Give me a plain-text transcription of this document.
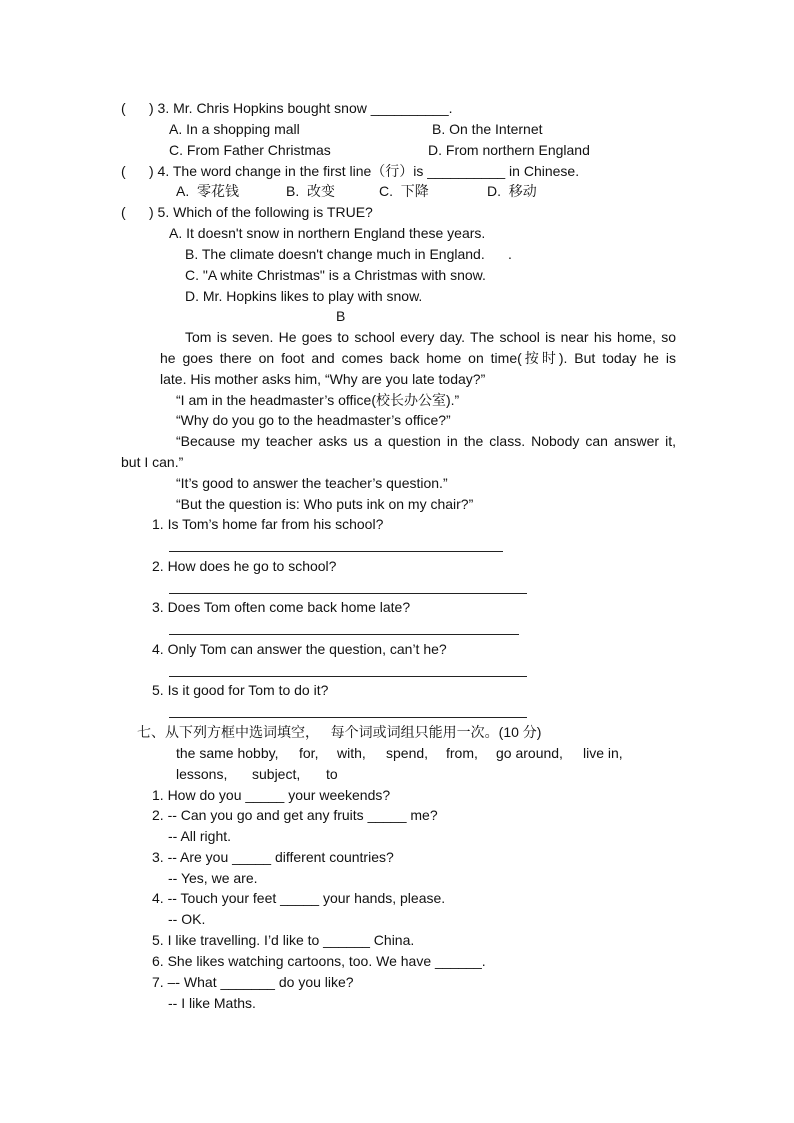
(      ) 3. Mr. Chris Hopkins bought snow __________.
A. In a shopping mall	B. On the Internet
C. From Father Christmas	D. From northern England
(      ) 4. The word change in the first line（行）is __________ in Chinese.
A.  零花钱	B.  改变	C.  下降	D.  移动
(      ) 5. Which of the following is TRUE?
A. It doesn't snow in northern England these years.
B. The climate doesn't change much in England.      .
C. "A white Christmas" is a Christmas with snow.
D. Mr. Hopkins likes to play with snow.
B
Tom is seven. He goes to school every day. The school is near his home, so
he goes there on foot and comes back home on time(按时). But today he is
late. His mother asks him, “Why are you late today?”
“I am in the headmaster’s office(校长办公室).”
“Why do you go to the headmaster’s office?”
“Because my teacher asks us a question in the class. Nobody can answer it,
but I can.”
“It’s good to answer the teacher’s question.”
“But the question is: Who puts ink on my chair?”
1. Is Tom’s home far from his school?
2. How does he go to school?
3. Does Tom often come back home late?
4. Only Tom can answer the question, can’t he?
5. Is it good for Tom to do it?
七、从下列方框中选词填空，   每个词或词组只能用一次。(10 分)
the same hobby, for, with, spend, from, go around, live in,
lessons, subject, to
1. How do you _____ your weekends?
2. -- Can you go and get any fruits _____ me?
-- All right.
3. -- Are you _____ different countries?
-- Yes, we are.
4. -- Touch your feet _____ your hands, please.
-- OK.
5. I like travelling. I’d like to ______ China.
6. She likes watching cartoons, too. We have ______.
7. –- What _______ do you like?
-- I like Maths.
